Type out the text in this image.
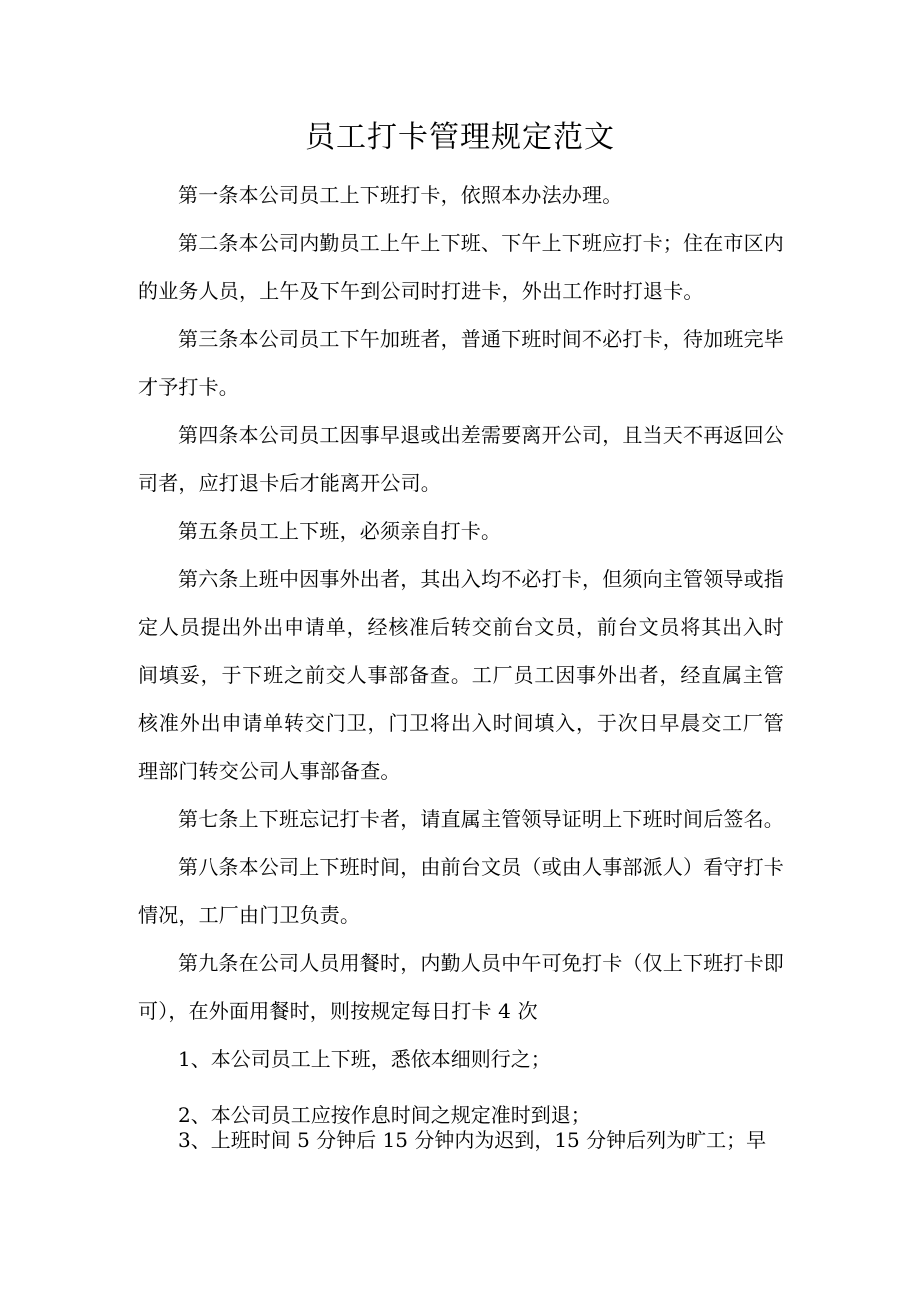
员工打卡管理规定范文

第一条本公司员工上下班打卡，依照本办法办理。

第二条本公司内勤员工上午上下班、下午上下班应打卡；住在市区内的业务人员，上午及下午到公司时打进卡，外出工作时打退卡。

第三条本公司员工下午加班者，普通下班时间不必打卡，待加班完毕才予打卡。

第四条本公司员工因事早退或出差需要离开公司，且当天不再返回公司者，应打退卡后才能离开公司。

第五条员工上下班，必须亲自打卡。

第六条上班中因事外出者，其出入均不必打卡，但须向主管领导或指定人员提出外出申请单，经核准后转交前台文员，前台文员将其出入时间填妥，于下班之前交人事部备查。工厂员工因事外出者，经直属主管核准外出申请单转交门卫，门卫将出入时间填入，于次日早晨交工厂管理部门转交公司人事部备查。

第七条上下班忘记打卡者，请直属主管领导证明上下班时间后签名。

第八条本公司上下班时间，由前台文员（或由人事部派人）看守打卡情况，工厂由门卫负责。

第九条在公司人员用餐时，内勤人员中午可免打卡（仅上下班打卡即可），在外面用餐时，则按规定每日打卡 4 次

1、本公司员工上下班，悉依本细则行之；

2、本公司员工应按作息时间之规定准时到退；

3、上班时间 5 分钟后 15 分钟内为迟到，15 分钟后列为旷工；早
